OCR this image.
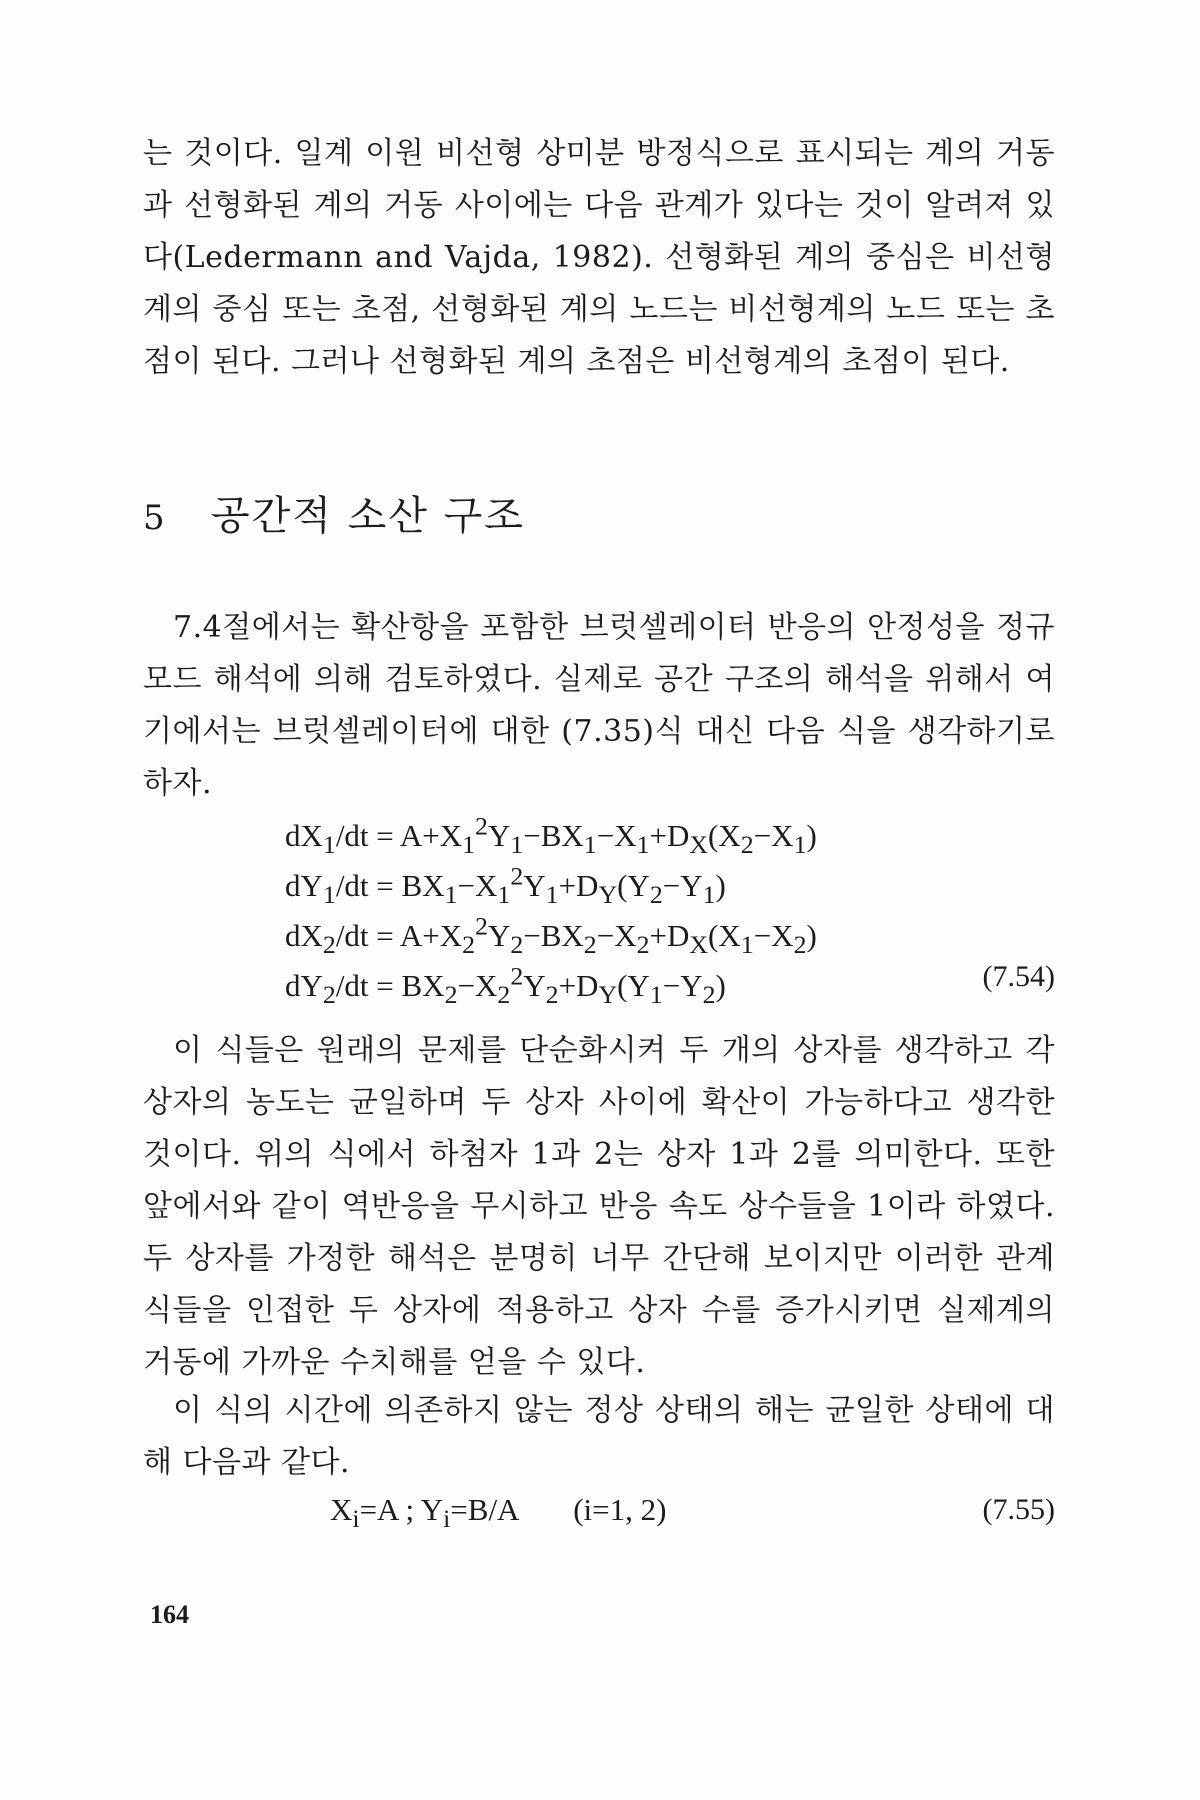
는 것이다. 일계 이원 비선형 상미분 방정식으로 표시되는 계의 거동과 선형화된 계의 거동 사이에는 다음 관계가 있다는 것이 알려져 있다(Ledermann and Vajda, 1982). 선형화된 계의 중심은 비선형계의 중심 또는 초점, 선형화된 계의 노드는 비선형계의 노드 또는 초점이 된다. 그러나 선형화된 계의 초점은 비선형계의 초점이 된다.

5 공간적 소산 구조

7.4절에서는 확산항을 포함한 브럿셀레이터 반응의 안정성을 정규모드 해석에 의해 검토하였다. 실제로 공간 구조의 해석을 위해서 여기에서는 브럿셀레이터에 대한 (7.35)식 대신 다음 식을 생각하기로 하자.

$dX_1/dt = A+X_1^2Y_1-BX_1-X_1+D_X(X_2-X_1)$
$dY_1/dt = BX_1-X_1^2Y_1+D_Y(Y_2-Y_1)$
$dX_2/dt = A+X_2^2Y_2-BX_2-X_2+D_X(X_1-X_2)$
$dY_2/dt = BX_2-X_2^2Y_2+D_Y(Y_1-Y_2)$	(7.54)

이 식들은 원래의 문제를 단순화시켜 두 개의 상자를 생각하고 각 상자의 농도는 균일하며 두 상자 사이에 확산이 가능하다고 생각한 것이다. 위의 식에서 하첨자 1과 2는 상자 1과 2를 의미한다. 또한 앞에서와 같이 역반응을 무시하고 반응 속도 상수들을 1이라 하였다. 두 상자를 가정한 해석은 분명히 너무 간단해 보이지만 이러한 관계식들을 인접한 두 상자에 적용하고 상자 수를 증가시키면 실제계의 거동에 가까운 수치해를 얻을 수 있다.

이 식의 시간에 의존하지 않는 정상 상태의 해는 균일한 상태에 대해 다음과 같다.

$X_i=A$ ; $Y_i=B/A$ (i=1, 2)	(7.55)
164
